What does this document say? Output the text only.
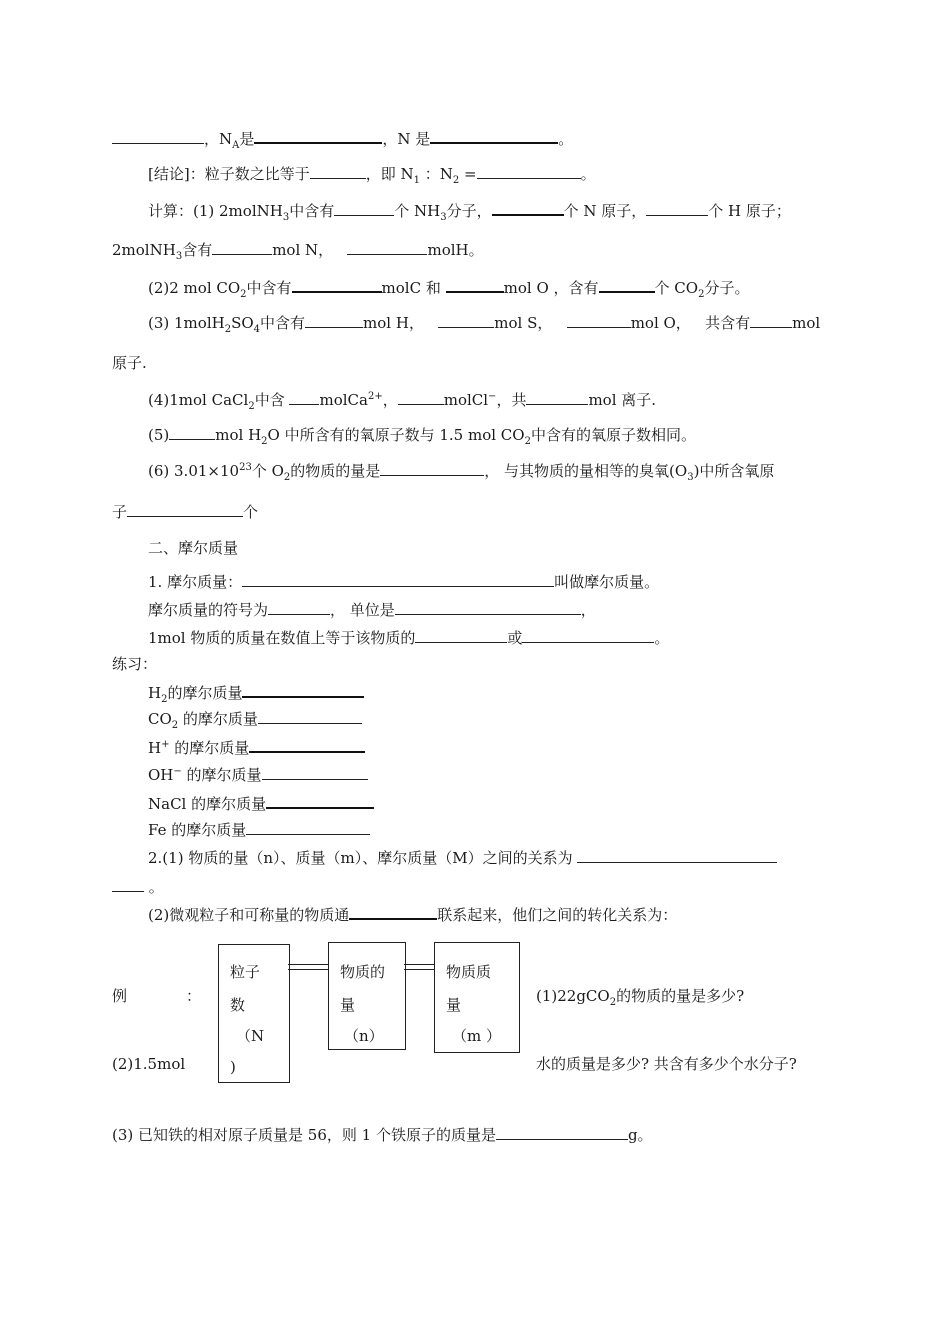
，$N_A$是	，N 是	。
[结论]：粒子数之比等于	，即 $N_1$ ：$N_2$ =	。
计算：(1) 2molNH$_3$中含有	个 $NH_3$分子，	个 N 原子，	个 H 原子；
2molNH$_3$含有	mol N，	molH。
(2)2 mol $CO_2$中含有	molC 和	mol O ，含有	个 $CO_2$分子。
(3) $1molH_2SO_4$中含有	mol H，	mol S，	mol O， 共含有	mol
原子.
(4)1mol CaCl$_2$中含 molCa$^{2+}$，	molCl−，共	mol 离子.
(5)	mol $H_2O$ 中所含有的氧原子数与 1.5 mol $CO_2$中含有的氧原子数相同。
(6) $3.01\times 10^{23}$个 $O_2$的物质的量是	， 与其物质的量相等的臭氧$(O_3)$中所含氧原
子	个
二、摩尔质量
1. 摩尔质量：	叫做摩尔质量。
摩尔质量的符号为	， 单位是	，
1mol 物质的质量在数值上等于该物质的	或	。
练习：
$H_2$的摩尔质量
$CO_2$ 的摩尔质量
H+ 的摩尔质量
OH− 的摩尔质量
NaCl 的摩尔质量
Fe 的摩尔质量
2.(1) 物质的量（n）、质量（m）、摩尔质量（M）之间的关系为
。
(2)微观粒子和可称量的物质通	联系起来，他们之间的转化关系为：
粒子
数
（N
)
物质的
量
（n）
物质质
量
（m ）
例	：	(1)22gCO$_2$的物质的量是多少?
(2)1.5mol	水的质量是多少? 共含有多少个水分子?
(3) 已知铁的相对原子质量是 56，则 1 个铁原子的质量是	g。
